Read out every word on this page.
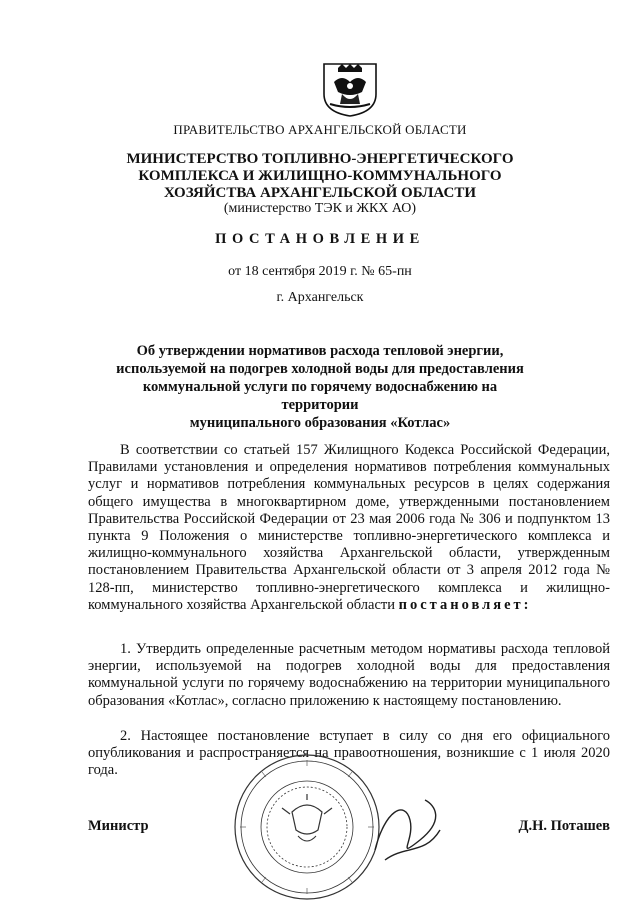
ПРАВИТЕЛЬСТВО АРХАНГЕЛЬСКОЙ ОБЛАСТИ
МИНИСТЕРСТВО ТОПЛИВНО-ЭНЕРГЕТИЧЕСКОГО
КОМПЛЕКСА И ЖИЛИЩНО-КОММУНАЛЬНОГО
ХОЗЯЙСТВА АРХАНГЕЛЬСКОЙ ОБЛАСТИ
(министерство ТЭК и ЖКХ АО)
ПОСТАНОВЛЕНИЕ
от 18 сентября 2019 г. № 65-пн
г. Архангельск
Об утверждении нормативов расхода тепловой энергии,
используемой на подогрев холодной воды для предоставления
коммунальной услуги по горячему водоснабжению на территории
муниципального образования «Котлас»
В соответствии со статьей 157 Жилищного Кодекса Российской Федерации, Правилами установления и определения нормативов потребления коммунальных услуг и нормативов потребления коммунальных ресурсов в целях содержания общего имущества в многоквартирном доме, утвержденными постановлением Правительства Российской Федерации от 23 мая 2006 года № 306 и подпунктом 13 пункта 9 Положения о министерстве топливно-энергетического комплекса и жилищно-коммунального хозяйства Архангельской области, утвержденным постановлением Правительства Архангельской области от 3 апреля 2012 года № 128-пп, министерство топливно-энергетического комплекса и жилищно-коммунального хозяйства Архангельской области постановляет:
1. Утвердить определенные расчетным методом нормативы расхода тепловой энергии, используемой на подогрев холодной воды для предоставления коммунальной услуги по горячему водоснабжению на территории муниципального образования «Котлас», согласно приложению к настоящему постановлению.
2. Настоящее постановление вступает в силу со дня его официального опубликования и распространяется на правоотношения, возникшие с 1 июля 2020 года.
Министр	Д.Н. Поташев
